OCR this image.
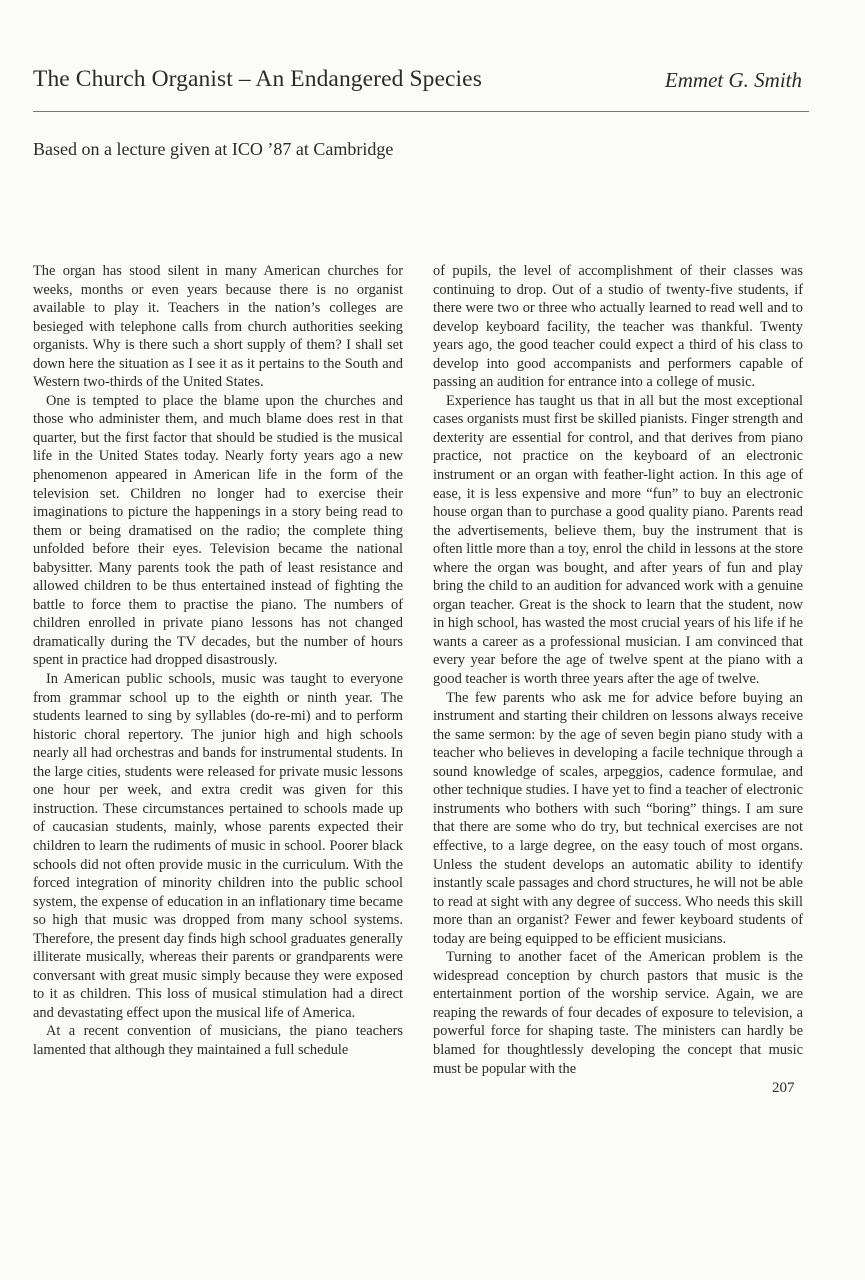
The Church Organist – An Endangered Species	Emmet G. Smith
Based on a lecture given at ICO ’87 at Cambridge

The organ has stood silent in many American churches for weeks, months or even years because there is no organist available to play it. Teachers in the nation’s colleges are besieged with telephone calls from church authorities seeking organists. Why is there such a short supply of them? I shall set down here the situation as I see it as it pertains to the South and Western two-thirds of the United States.

One is tempted to place the blame upon the churches and those who administer them, and much blame does rest in that quarter, but the first factor that should be studied is the musical life in the United States today. Nearly forty years ago a new phenomenon appeared in American life in the form of the television set. Children no longer had to exercise their imaginations to picture the happenings in a story being read to them or being dramatised on the radio; the complete thing unfolded before their eyes. Television became the national babysitter. Many parents took the path of least resistance and allowed children to be thus entertained instead of fighting the battle to force them to practise the piano. The numbers of children enrolled in private piano lessons has not changed dramatically during the TV decades, but the number of hours spent in practice had dropped disastrously.

In American public schools, music was taught to everyone from grammar school up to the eighth or ninth year. The students learned to sing by syllables (do-re-mi) and to perform historic choral repertory. The junior high and high schools nearly all had orchestras and bands for instrumental students. In the large cities, students were released for private music lessons one hour per week, and extra credit was given for this instruction. These circumstances pertained to schools made up of caucasian students, mainly, whose parents expected their children to learn the rudiments of music in school. Poorer black schools did not often provide music in the curriculum. With the forced integration of minority children into the public school system, the expense of education in an inflationary time became so high that music was dropped from many school systems. Therefore, the present day finds high school graduates generally illiterate musically, whereas their parents or grandparents were conversant with great music simply because they were exposed to it as children. This loss of musical stimulation had a direct and devastating effect upon the musical life of America.

At a recent convention of musicians, the piano teachers lamented that although they maintained a full schedule

of pupils, the level of accomplishment of their classes was continuing to drop. Out of a studio of twenty-five students, if there were two or three who actually learned to read well and to develop keyboard facility, the teacher was thankful. Twenty years ago, the good teacher could expect a third of his class to develop into good accompanists and performers capable of passing an audition for entrance into a college of music.

Experience has taught us that in all but the most exceptional cases organists must first be skilled pianists. Finger strength and dexterity are essential for control, and that derives from piano practice, not practice on the keyboard of an electronic instrument or an organ with feather-light action. In this age of ease, it is less expensive and more “fun” to buy an electronic house organ than to purchase a good quality piano. Parents read the advertisements, believe them, buy the instrument that is often little more than a toy, enrol the child in lessons at the store where the organ was bought, and after years of fun and play bring the child to an audition for advanced work with a genuine organ teacher. Great is the shock to learn that the student, now in high school, has wasted the most crucial years of his life if he wants a career as a professional musician. I am convinced that every year before the age of twelve spent at the piano with a good teacher is worth three years after the age of twelve.

The few parents who ask me for advice before buying an instrument and starting their children on lessons always receive the same sermon: by the age of seven begin piano study with a teacher who believes in developing a facile technique through a sound knowledge of scales, arpeggios, cadence formulae, and other technique studies. I have yet to find a teacher of electronic instruments who bothers with such “boring” things. I am sure that there are some who do try, but technical exercises are not effective, to a large degree, on the easy touch of most organs. Unless the student develops an automatic ability to identify instantly scale passages and chord structures, he will not be able to read at sight with any degree of success. Who needs this skill more than an organist? Fewer and fewer keyboard students of today are being equipped to be efficient musicians.

Turning to another facet of the American problem is the widespread conception by church pastors that music is the entertainment portion of the worship service. Again, we are reaping the rewards of four decades of exposure to television, a powerful force for shaping taste. The ministers can hardly be blamed for thoughtlessly developing the concept that music must be popular with the

207
